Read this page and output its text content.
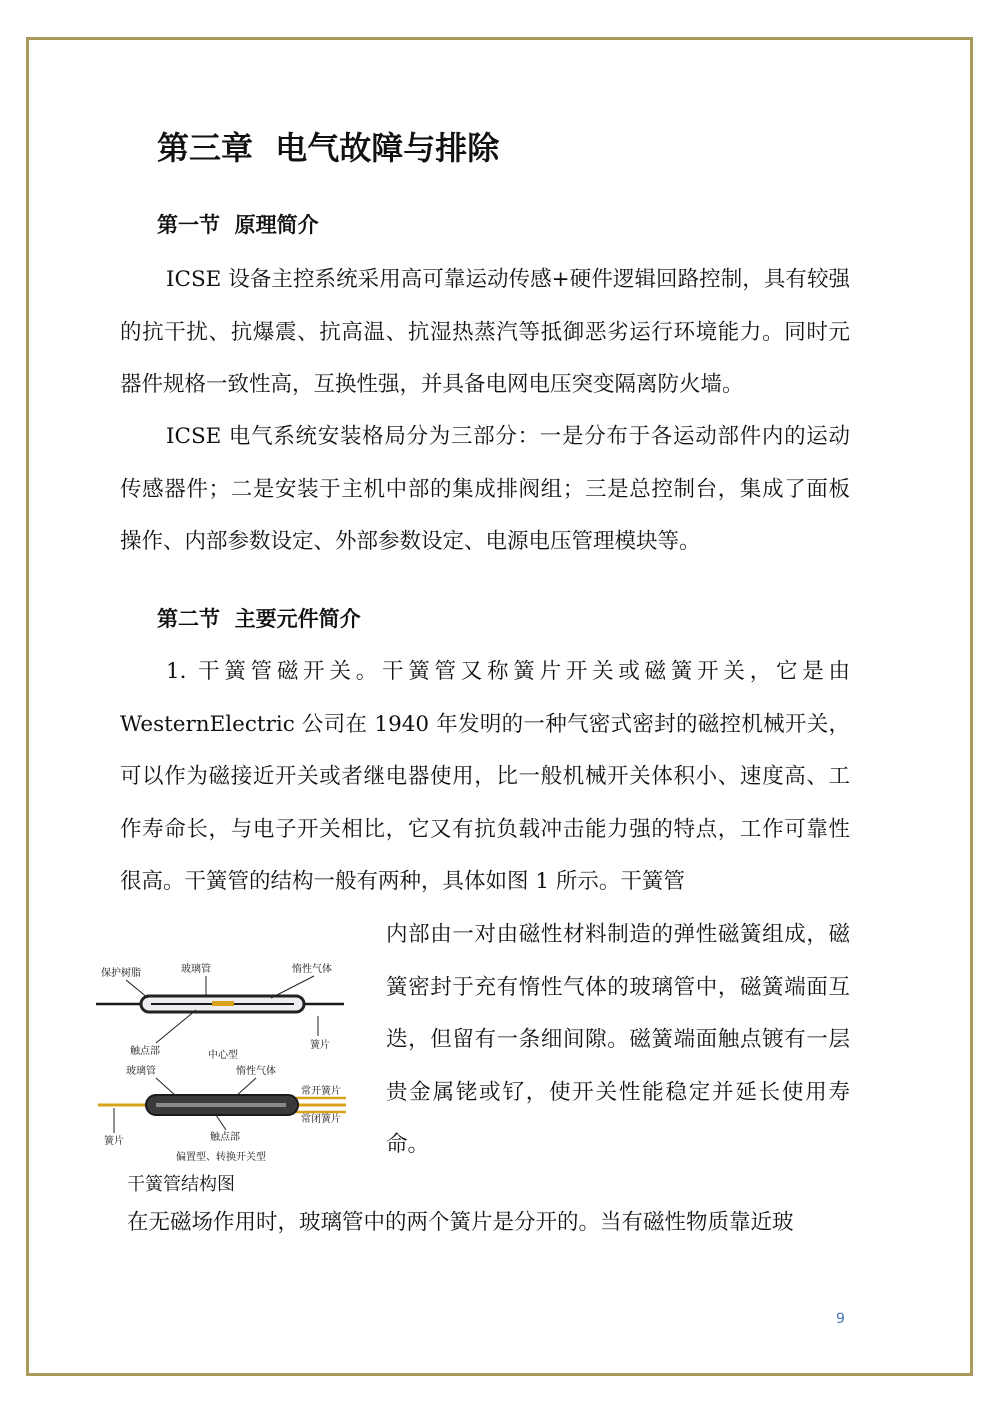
第三章  电气故障与排除
第一节  原理简介

ICSE 设备主控系统采用高可靠运动传感+硬件逻辑回路控制，具有较强的抗干扰、抗爆震、抗高温、抗湿热蒸汽等抵御恶劣运行环境能力。同时元器件规格一致性高，互换性强，并具备电网电压突变隔离防火墙。

ICSE 电气系统安装格局分为三部分：一是分布于各运动部件内的运动传感器件；二是安装于主机中部的集成排阀组；三是总控制台，集成了面板操作、内部参数设定、外部参数设定、电源电压管理模块等。

第二节  主要元件简介

1. 干簧管磁开关。干簧管又称簧片开关或磁簧开关，它是由 WesternElectric 公司在 1940 年发明的一种气密式密封的磁控机械开关，可以作为磁接近开关或者继电器使用，比一般机械开关体积小、速度高、工作寿命长，与电子开关相比，它又有抗负载冲击能力强的特点，工作可靠性很高。干簧管的结构一般有两种，具体如图 1 所示。干簧管

内部由一对由磁性材料制造的弹性磁簧组成，磁簧密封于充有惰性气体的玻璃管中，磁簧端面互迭，但留有一条细间隙。磁簧端面触点镀有一层贵金属铑或钌，使开关性能稳定并延长使用寿命。

保护树脂	玻璃管	惰性气体
触点部	中心型
簧片
玻璃管	惰性气体
常开簧片
常闭簧片
簧片	触点部
偏置型、转换开关型

干簧管结构图

在无磁场作用时，玻璃管中的两个簧片是分开的。当有磁性物质靠近玻

9
